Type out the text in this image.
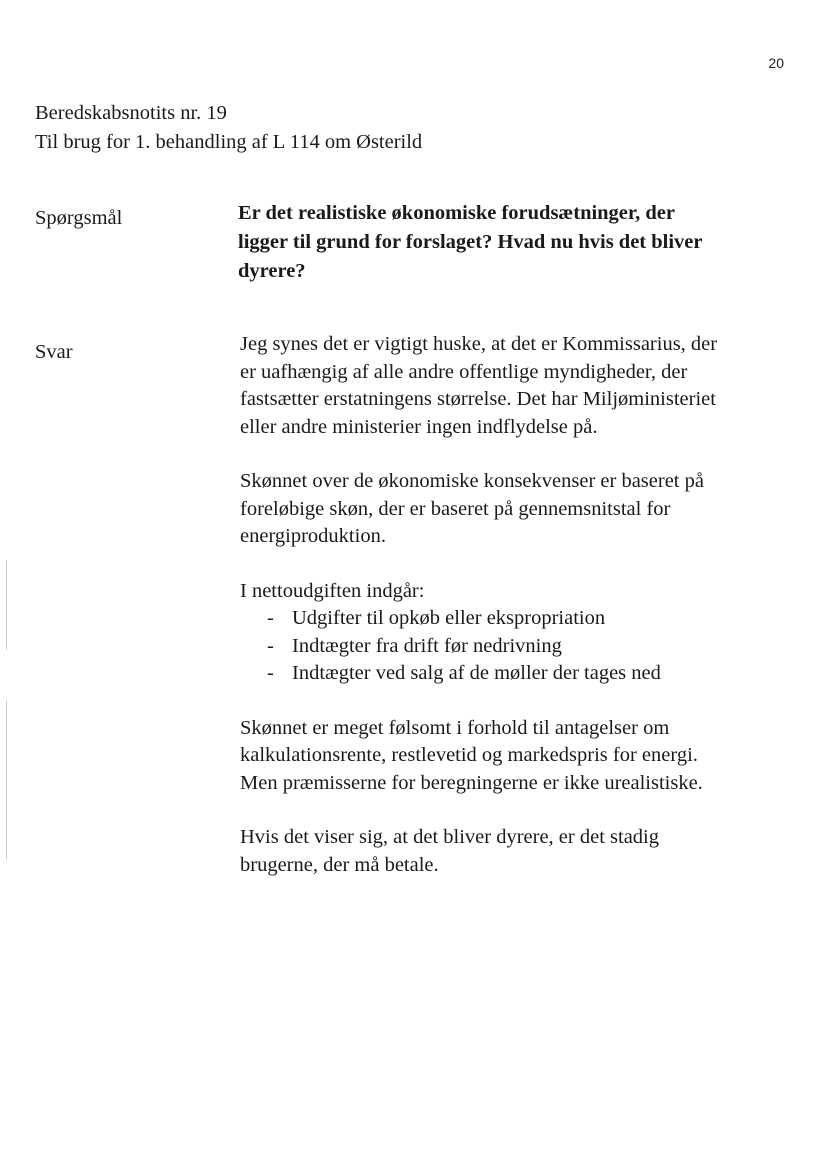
20
Beredskabsnotits nr. 19
Til brug for 1. behandling af L 114 om Østerild
Spørgsmål	Er det realistiske økonomiske forudsætninger, der ligger til grund for forslaget? Hvad nu hvis det bliver dyrere?
Svar	Jeg synes det er vigtigt huske, at det er Kommissarius, der er uafhængig af alle andre offentlige myndigheder, der fastsætter erstatningens størrelse. Det har Miljøministeriet eller andre ministerier ingen indflydelse på.

Skønnet over de økonomiske konsekvenser er baseret på foreløbige skøn, der er baseret på gennemsnitstal for energiproduktion.

I nettoudgiften indgår:

- Udgifter til opkøb eller ekspropriation
- Indtægter fra drift før nedrivning
- Indtægter ved salg af de møller der tages ned

Skønnet er meget følsomt i forhold til antagelser om kalkulationsrente, restlevetid og markedspris for energi. Men præmisserne for beregningerne er ikke urealistiske.

Hvis det viser sig, at det bliver dyrere, er det stadig brugerne, der må betale.
